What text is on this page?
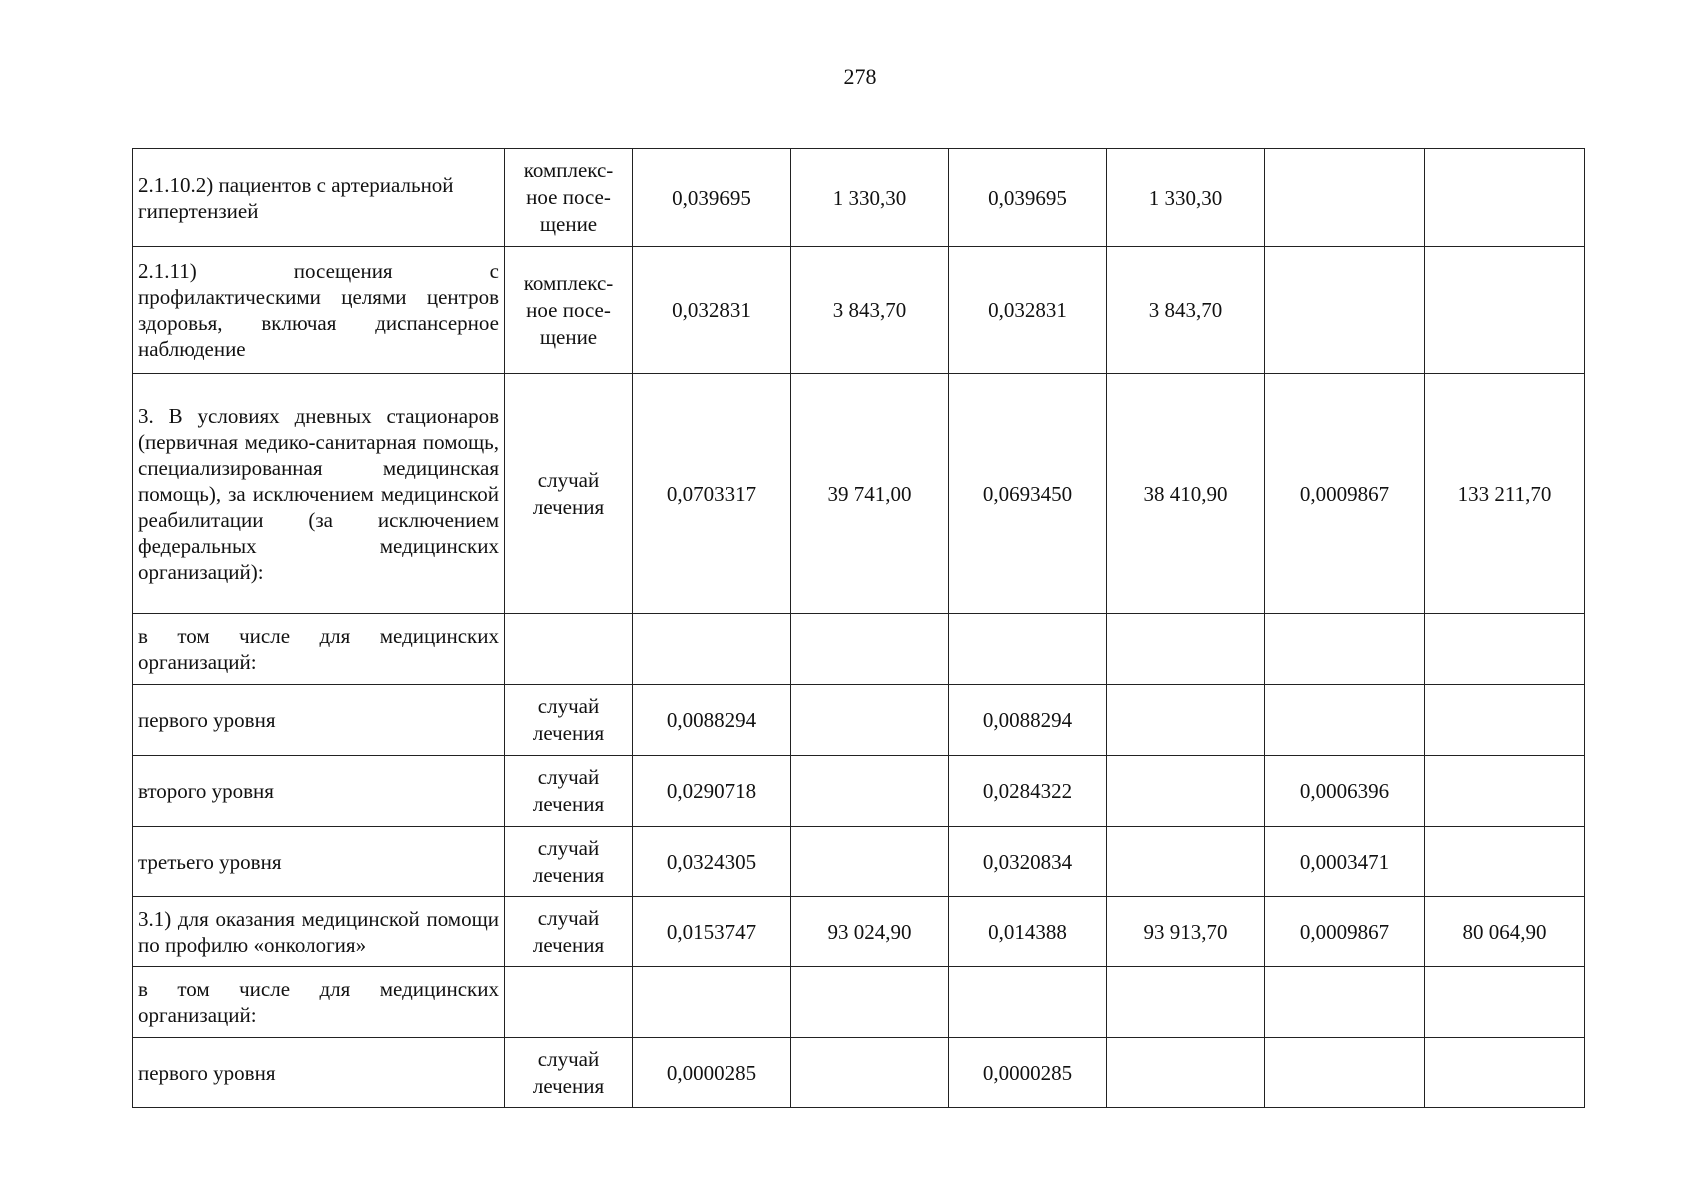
278
2.1.10.2) пациентов с артериальной гипертензией	комплекс-ное посе-щение	0,039695	1 330,30	0,039695	1 330,30		
2.1.11) посещения с профилактическими целями центров здоровья, включая диспансерное наблюдение	комплекс-ное посе-щение	0,032831	3 843,70	0,032831	3 843,70		
3. В условиях дневных стационаров (первичная медико-санитарная помощь, специализированная медицинская помощь), за исключением медицинской реабилитации (за исключением федеральных медицинских организаций):	случай лечения	0,0703317	39 741,00	0,0693450	38 410,90	0,0009867	133 211,70
в том числе для медицинских организаций:							
первого уровня	случай лечения	0,0088294		0,0088294			
второго уровня	случай лечения	0,0290718		0,0284322		0,0006396	
третьего уровня	случай лечения	0,0324305		0,0320834		0,0003471	
3.1) для оказания медицинской помощи по профилю «онкология»	случай лечения	0,0153747	93 024,90	0,014388	93 913,70	0,0009867	80 064,90
в том числе для медицинских организаций:							
первого уровня	случай лечения	0,0000285		0,0000285			
